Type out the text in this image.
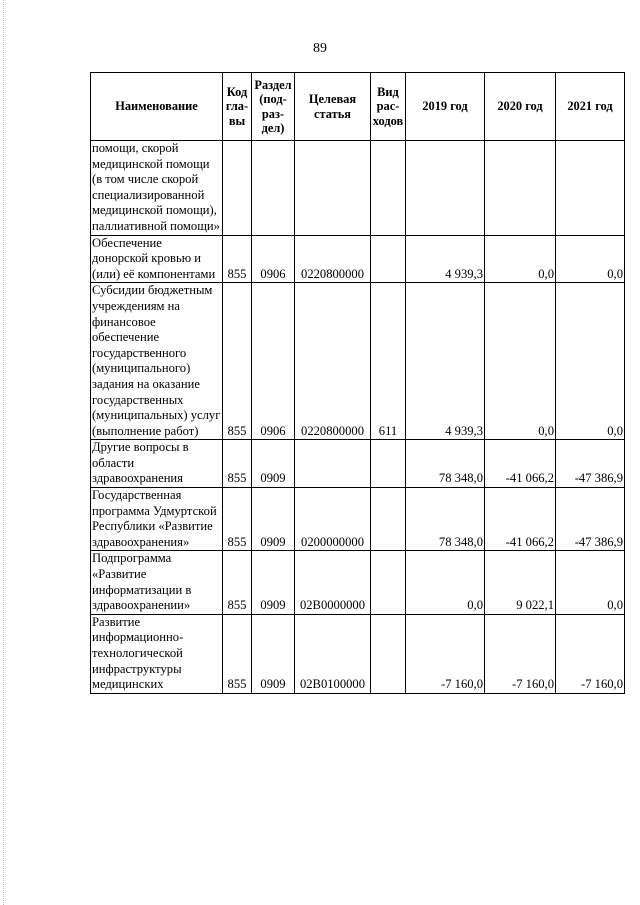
89
Наименование	Код гла- вы	Раздел (под- раз- дел)	Целевая статья	Вид рас- ходов	2019 год	2020 год	2021 год
помощи, скорой медицинской помощи (в том числе скорой специализированной медицинской помощи), паллиативной помощи»							
Обеспечение донорской кровью и (или) её компонентами	855	0906	0220800000		4 939,3	0,0	0,0
Субсидии бюджетным учреждениям на финансовое обеспечение государственного (муниципального) задания на оказание государственных (муниципальных) услуг (выполнение работ)	855	0906	0220800000	611	4 939,3	0,0	0,0
Другие вопросы в области здравоохранения	855	0909			78 348,0	-41 066,2	-47 386,9
Государственная программа Удмуртской Республики «Развитие здравоохранения»	855	0909	0200000000		78 348,0	-41 066,2	-47 386,9
Подпрограмма «Развитие информатизации в здравоохранении»	855	0909	02В0000000		0,0	9 022,1	0,0
Развитие информационно- технологической инфраструктуры медицинских	855	0909	02В0100000		-7 160,0	-7 160,0	-7 160,0
